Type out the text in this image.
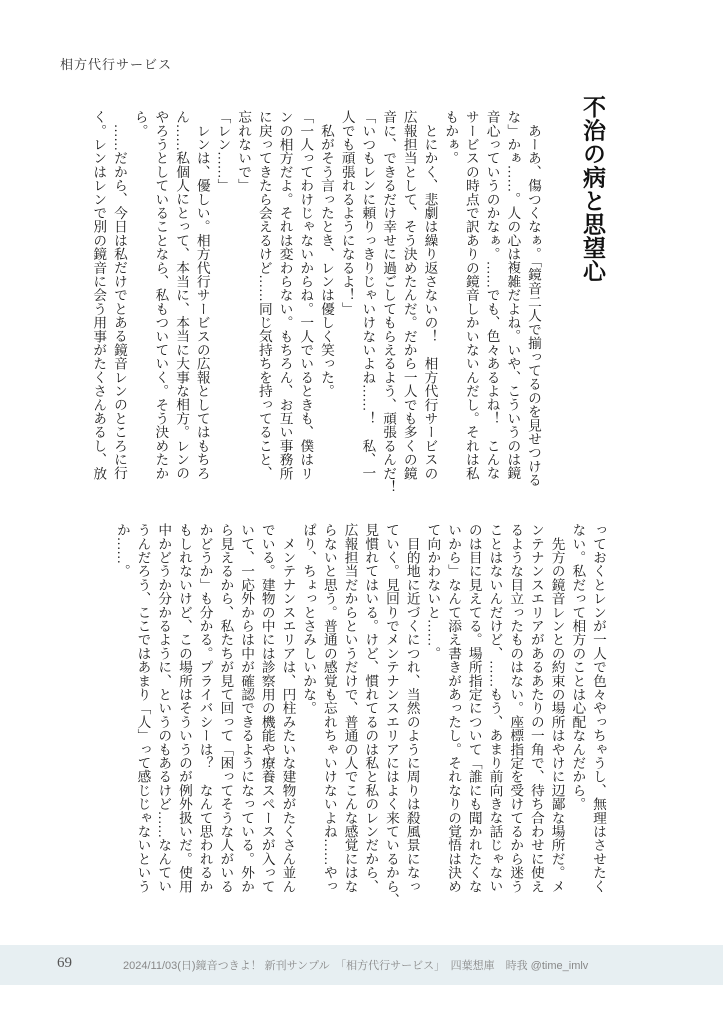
相方代行サービス
不治の病と思望心
　あーあ、傷つくなぁ。「鏡音二人で揃ってるのを見せつける
な」かぁ……。人の心は複雑だよね。いや、こういうのは鏡
音心っていうのかなぁ。……でも、色々あるよね！　こんな
サービスの時点で訳ありの鏡音しかいないんだし。それは私
もかぁ。
　とにかく、悲劇は繰り返さないの！　相方代行サービスの
広報担当として、そう決めたんだ。だから一人でも多くの鏡
音に、できるだけ幸せに過ごしてもらえるよう、頑張るんだ！
「いつもレンに頼りっきりじゃいけないよね……！　私、一
人でも頑張れるようになるよ！」
　私がそう言ったとき、レンは優しく笑った。
「一人ってわけじゃないからね。一人でいるときも、僕はリ
ンの相方だよ。それは変わらない。もちろん、お互い事務所
に戻ってきたら会えるけど……同じ気持ちを持ってること、
忘れないで」
「レン……」
　レンは、優しい。相方代行サービスの広報としてはもちろ
ん……私個人にとって、本当に、本当に大事な相方。レンの
やろうとしていることなら、私もついていく。そう決めたか
ら。
　……だから、今日は私だけでとある鏡音レンのところに行
く。レンはレンで別の鏡音に会う用事がたくさんあるし、放
っておくとレンが一人で色々やっちゃうし、無理はさせたく
ない。私だって相方のことは心配なんだから。
　先方の鏡音レンとの約束の場所はやけに辺鄙な場所だ。メ
ンテナンスエリアがあるあたりの一角で、待ち合わせに使え
るような目立ったものはない。座標指定を受けてるから迷う
ことはないんだけど、……もう、あまり前向きな話じゃない
のは目に見えてる。場所指定について「誰にも聞かれたくな
いから」なんて添え書きがあったし。それなりの覚悟は決め
て向かわないと……。
　目的地に近づくにつれ、当然のように周りは殺風景になっ
ていく。見回りでメンテナンスエリアにはよく来ているから、
見慣れてはいる。けど、慣れてるのは私と私のレンだから、
広報担当だからというだけで、普通の人でこんな感覚にはな
らないと思う。普通の感覚も忘れちゃいけないよね……やっ
ぱり、ちょっとさみしいかな。
　メンテナンスエリアは、円柱みたいな建物がたくさん並ん
でいる。建物の中には診察用の機能や療養スペースが入って
いて、一応外からは中が確認できるようになっている。外か
ら見えるから、私たちが見て回って「困ってそうな人がいる
かどうか」も分かる。プライバシーは？　なんて思われるか
もしれないけど、この場所はそういうのが例外扱いだ。使用
中かどうか分かるように、というのもあるけど……なんてい
うんだろう、ここではあまり「人」って感じじゃないという
か……。
69	2024/11/03(日)鏡音つきよ！ 新刊サンプル　「相方代行サービス」　四葉想庫　時我 @time_imlv
